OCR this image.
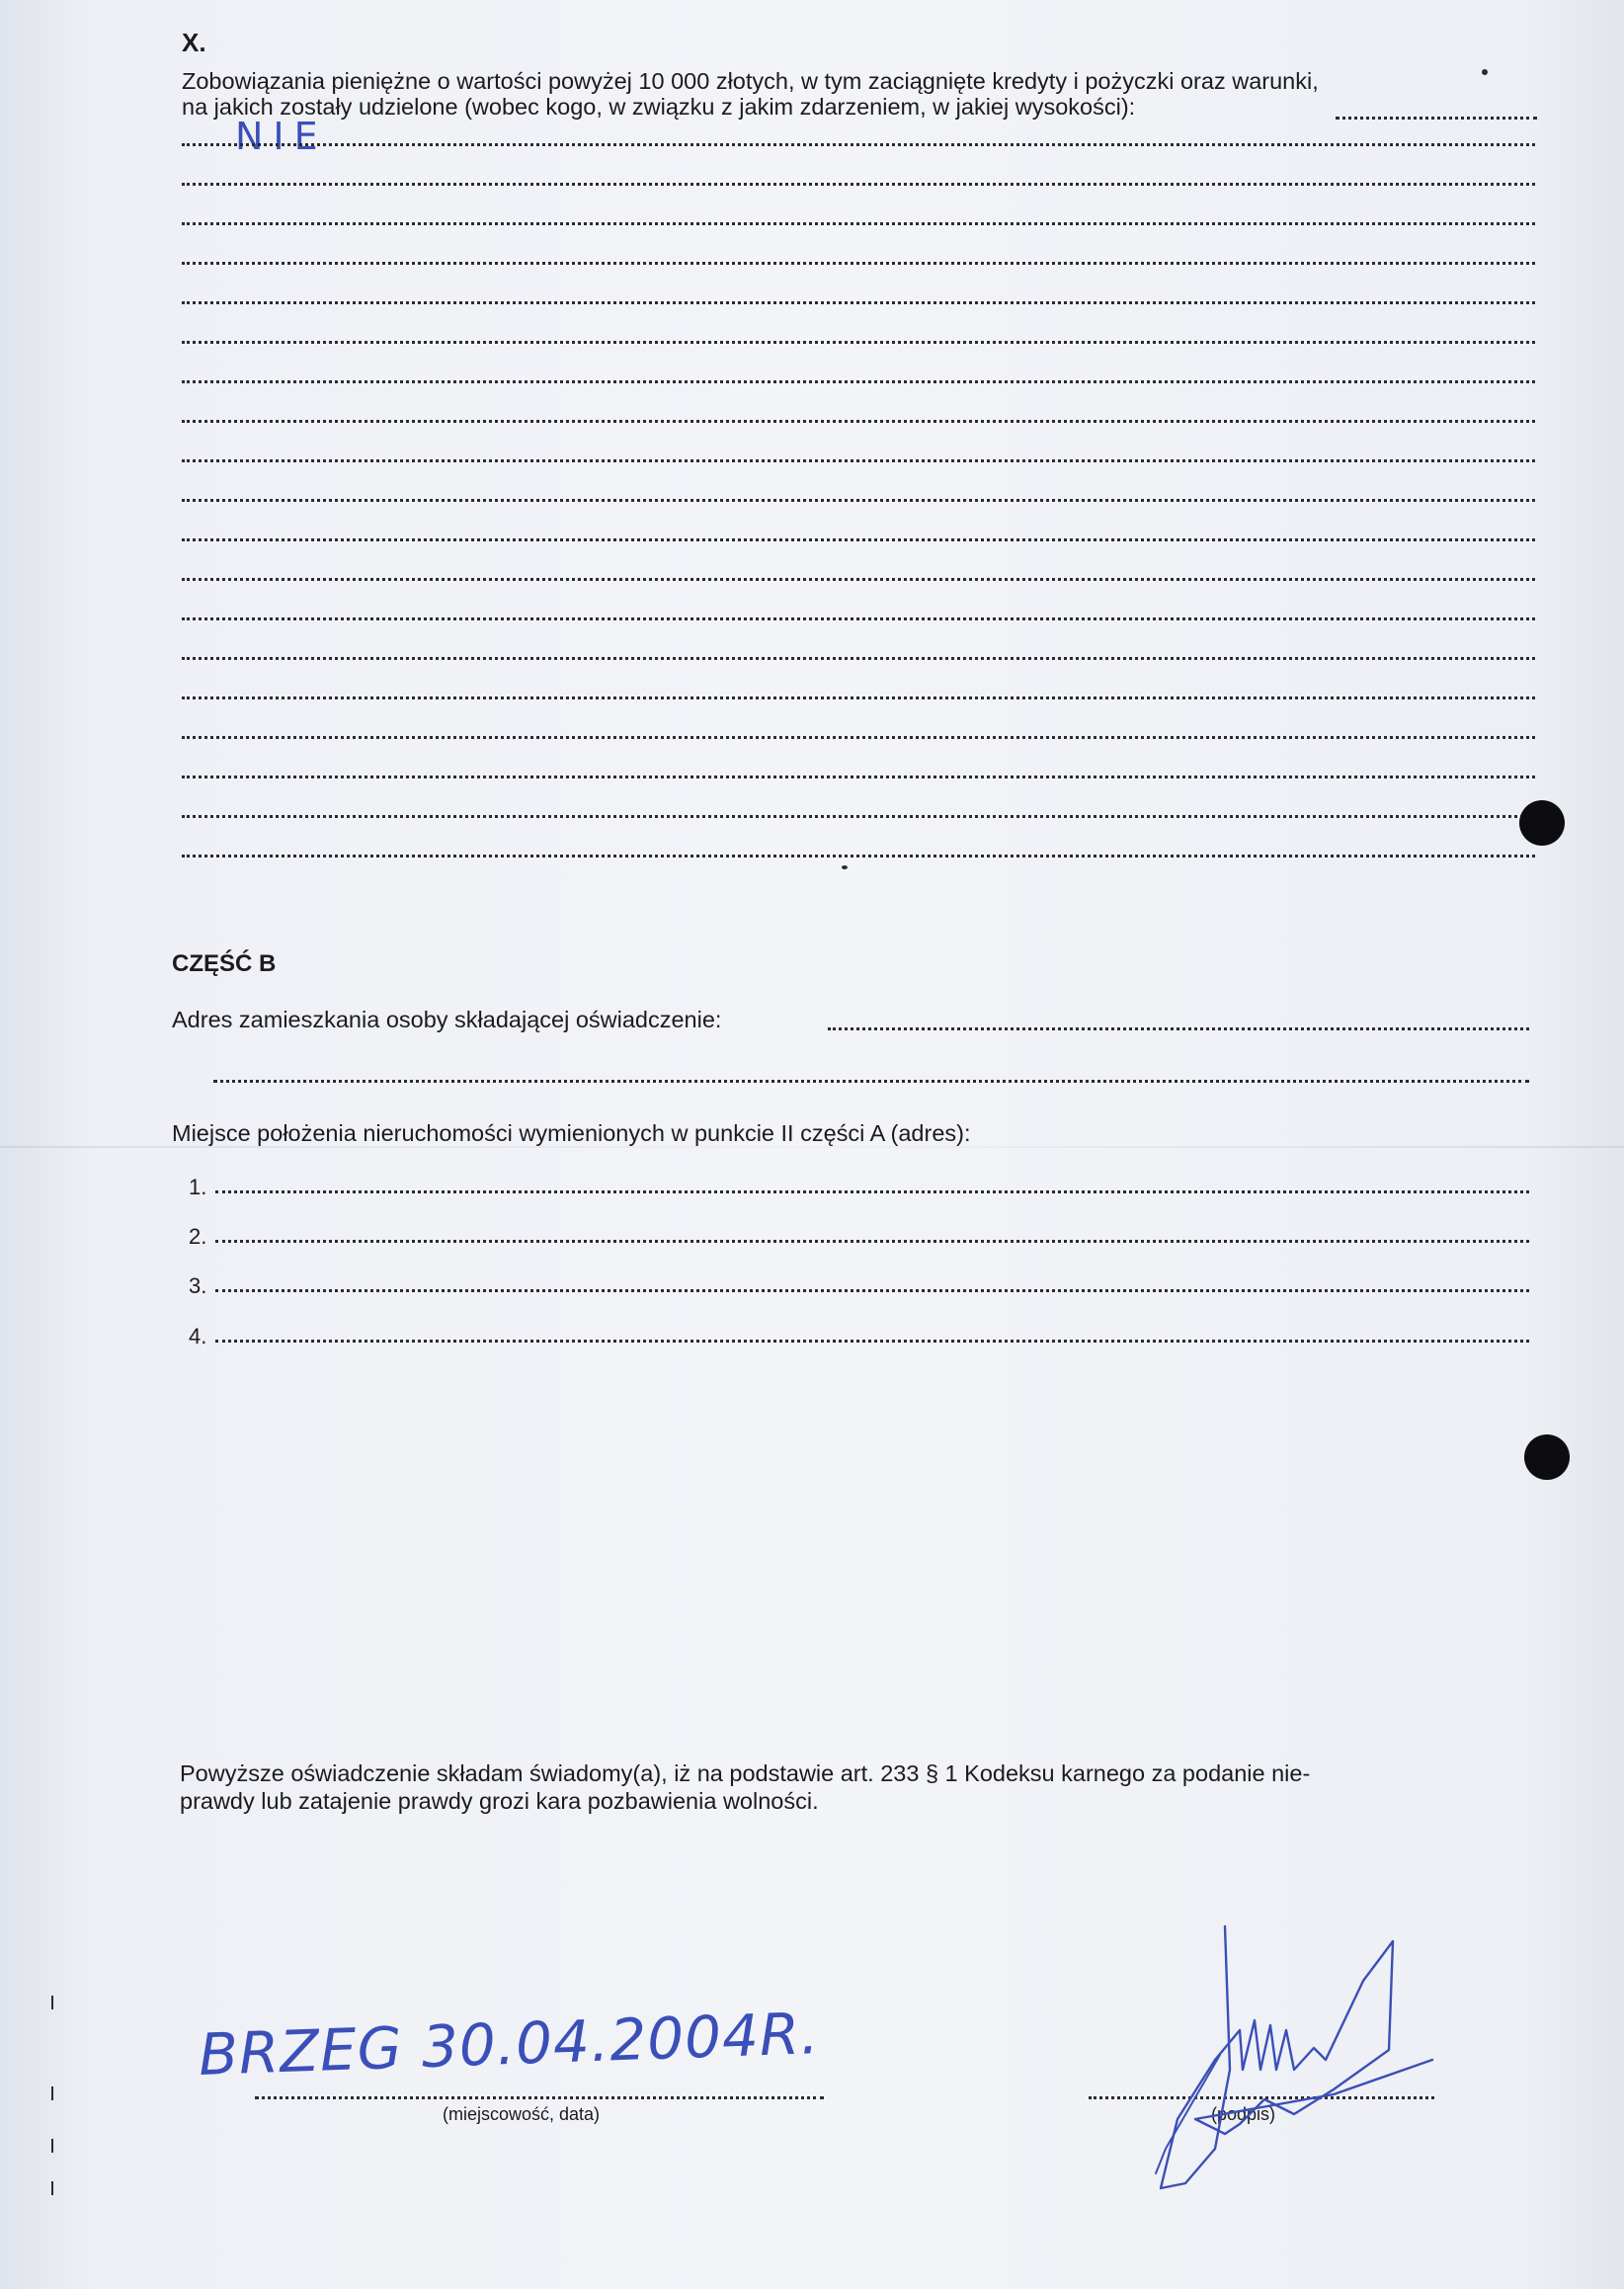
X.
Zobowiązania pieniężne o wartości powyżej 10 000 złotych, w tym zaciągnięte kredyty i pożyczki oraz warunki,
na jakich zostały udzielone (wobec kogo, w związku z jakim zdarzeniem, w jakiej wysokości):
NIE
CZĘŚĆ B
Adres zamieszkania osoby składającej oświadczenie:
Miejsce położenia nieruchomości wymienionych w punkcie II części A (adres):
1.
2.
3.
4.
Powyższe oświadczenie składam świadomy(a), iż na podstawie art. 233 § 1 Kodeksu karnego za podanie nie-
prawdy lub zatajenie prawdy grozi kara pozbawienia wolności.
BRZEG 30.04.2004R.
(miejscowość, data)	(podpis)
